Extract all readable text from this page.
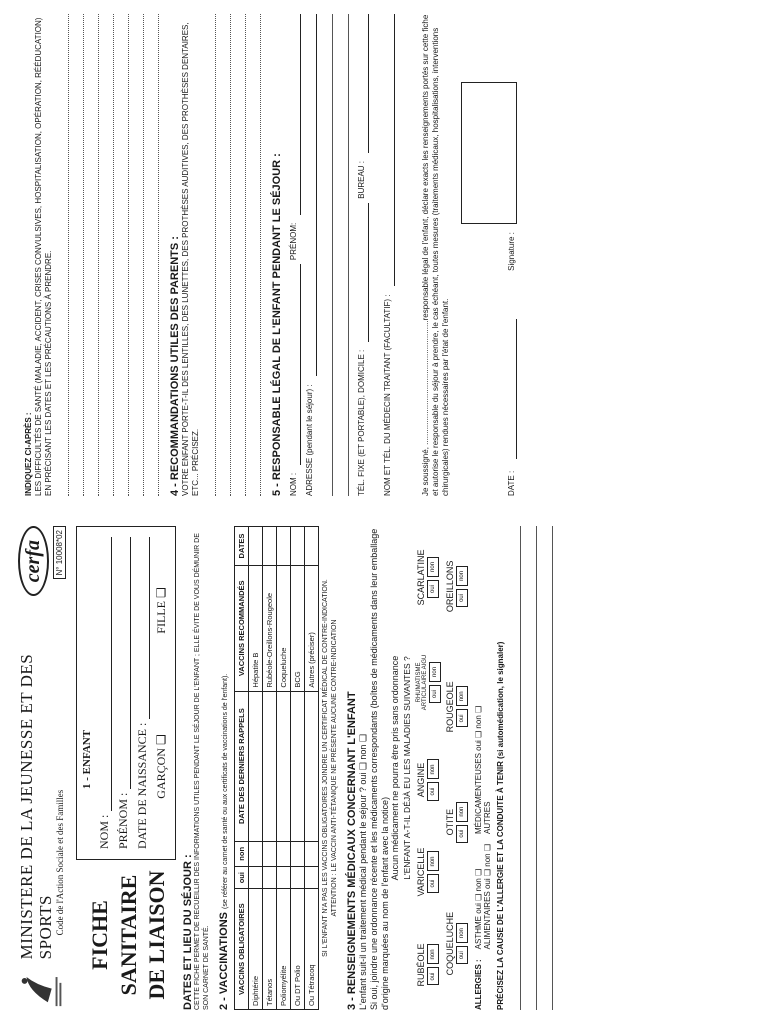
MINISTERE DE LA JEUNESSE ET DES SPORTS Code de l'Action Sociale et des Familles
cerfa N° 10008*02
FICHE SANITAIRE DE LIAISON
1 - ENFANT
NOM : PRÉNOM : DATE DE NAISSANCE : GARÇON ❑
FILLE ❑
DATES ET LIEU DU SÉJOUR : CETTE FICHE PERMET DE RECUEILLIR DES INFORMATIONS UTILES PENDANT LE SÉJOUR DE L'ENFANT ; ELLE ÉVITE DE VOUS DÉMUNIR DE SON CARNET DE SANTÉ. 2 - VACCINATIONS (se référer au carnet de santé ou aux certificats de vaccinations de l'enfant).
VACCINS OBLIGATOIRES	oui	non	DATE DES DERNIERS RAPPELS	VACCINS RECOMMANDÉS	DATES
Diphtérie				Hépatite B	
Tétanos				Rubéole-Oreillons-Rougeole	
Poliomyélite				Coqueluche	
Ou DT Polio				BCG	
Ou Tétracoq				Autres (préciser)	SI L'ENFANT N'A PAS LES VACCINS OBLIGATOIRES JOINDRE UN CERTIFICAT MÉDICAL DE CONTRE-INDICATION. ATTENTION : LE VACCIN ANTI-TÉTANIQUE NE PRÉSENTE AUCUNE CONTRE-INDICATION 3 - RENSEIGNEMENTS MÉDICAUX CONCERNANT L'ENFANT L'enfant suit-il un traitement médical pendant le séjour ? oui ❑ non ❑ Si oui, joindre une ordonnance récente et les médicaments correspondants (boîtes de médicaments dans leur emballage d'origine marquées au nom de l'enfant avec la notice)
Aucun médicament ne pourra être pris sans ordonnance L'ENFANT A-T-IL DÉJÀ EU LES MALADIES SUIVANTES ?
RUBÉOLE oui
non
VARICELLE oui
non
ANGINE oui
non
RHUMATISME ARTICULAIRE AIGU oui
non
SCARLATINE oui
non
COQUELUCHE oui
non
OTITE oui
non
ROUGEOLE oui
non
OREILLONS oui
non
ALLERGIES :
ASTHME oui ❑ non ❑ ALIMENTAIRES oui ❑ non ❑
MÉDICAMENTEUSES oui ❑ non ❑ AUTRES PRÉCISEZ LA CAUSE DE L'ALLERGIE ET LA CONDUITE À TENIR (si automédication, le signaler)
INDIQUEZ CI-APRÈS : LES DIFFICULTÉS DE SANTÉ (MALADIE, ACCIDENT, CRISES CONVULSIVES, HOSPITALISATION, OPÉRATION, RÉÉDUCATION) EN PRÉCISANT LES DATES ET LES PRÉCAUTIONS À PRENDRE.	4 - RECOMMANDATIONS UTILES DES PARENTS : VOTRE ENFANT PORTE-T-IL DES LENTILLES, DES LUNETTES, DES PROTHÈSES AUDITIVES, DES PROTHÈSES DENTAIRES, ETC... PRÉCISEZ.	5 - RESPONSABLE LÉGAL DE L'ENFANT PENDANT LE SÉJOUR : NOM :
PRÉNOM:
ADRESSE (pendant le séjour) :	TÉL. FIXE (ET PORTABLE), DOMICILE :
BUREAU :
NOM ET TÉL. DU MÉDECIN TRAITANT (FACULTATIF) :	Je soussigné, ........................................................responsable légal de l'enfant, déclare exacts les renseignements portés sur cette fiche et autorise le responsable du séjour à prendre, le cas échéant, toutes mesures (traitements médicaux, hospitalisations, interventions chirurgicales) rendues nécessaires par l'état de l'enfant.	DATE :
Signature :
